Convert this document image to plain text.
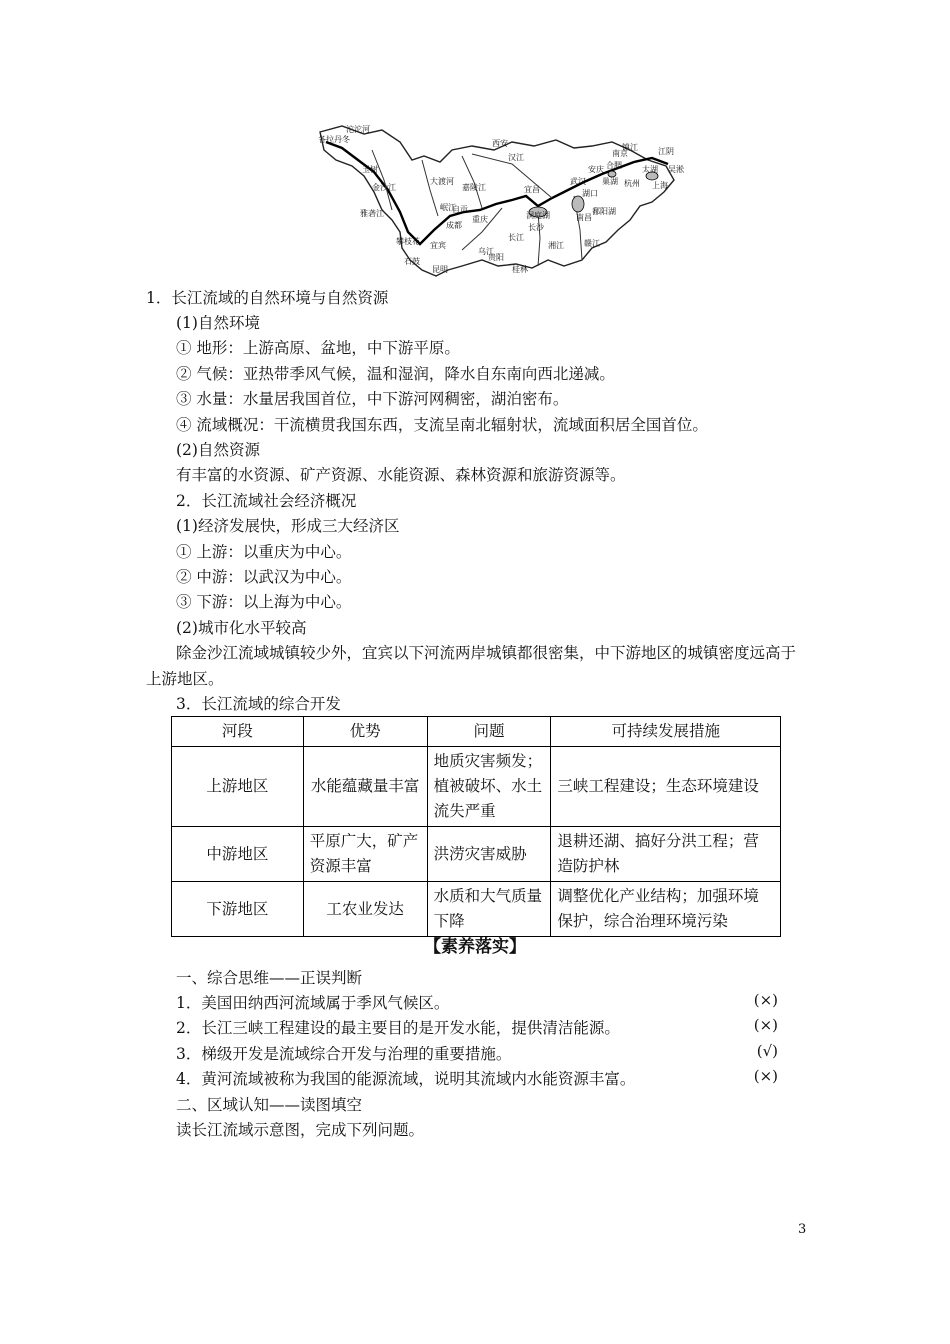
各拉丹冬
沱沱河
玉树
金沙江
雅砻江
大渡河
岷江
嘉陵江
汉江
西安
成都
宜宾
重庆
自贡
乌江
长江
贵阳
昆明	桂林
石鼓
攀枝花
宜昌
武汉
长沙
南昌
洞庭湖	鄱阳湖
湘江	赣江
合肥
南京
镇江	江阴
吴淞
上海
杭州
湖口
太湖
巢湖
安庆
1．长江流域的自然环境与自然资源
(1)自然环境
① 地形：上游高原、盆地，中下游平原。
② 气候：亚热带季风气候，温和湿润，降水自东南向西北递减。
③ 水量：水量居我国首位，中下游河网稠密，湖泊密布。
④ 流域概况：干流横贯我国东西，支流呈南北辐射状，流域面积居全国首位。
(2)自然资源
有丰富的水资源、矿产资源、水能资源、森林资源和旅游资源等。
2．长江流域社会经济概况
(1)经济发展快，形成三大经济区
① 上游：以重庆为中心。
② 中游：以武汉为中心。
③ 下游：以上海为中心。
(2)城市化水平较高
除金沙江流域城镇较少外，宜宾以下河流两岸城镇都很密集，中下游地区的城镇密度远高于上游地区。
3．长江流域的综合开发
河段	优势	问题	可持续发展措施
上游地区	水能蕴藏量丰富	地质灾害频发；植被破坏、水土流失严重	三峡工程建设；生态环境建设
中游地区	平原广大，矿产资源丰富	洪涝灾害威胁	退耕还湖、搞好分洪工程；营造防护林
下游地区	工农业发达	水质和大气质量下降	调整优化产业结构；加强环境保护，综合治理环境污染
【素养落实】
一、综合思维——正误判断
1．美国田纳西河流域属于季风气候区。	(×)
2．长江三峡工程建设的最主要目的是开发水能，提供清洁能源。	(×)
3．梯级开发是流域综合开发与治理的重要措施。	(√)
4．黄河流域被称为我国的能源流域，说明其流域内水能资源丰富。	(×)
二、区域认知——读图填空
读长江流域示意图，完成下列问题。
3
